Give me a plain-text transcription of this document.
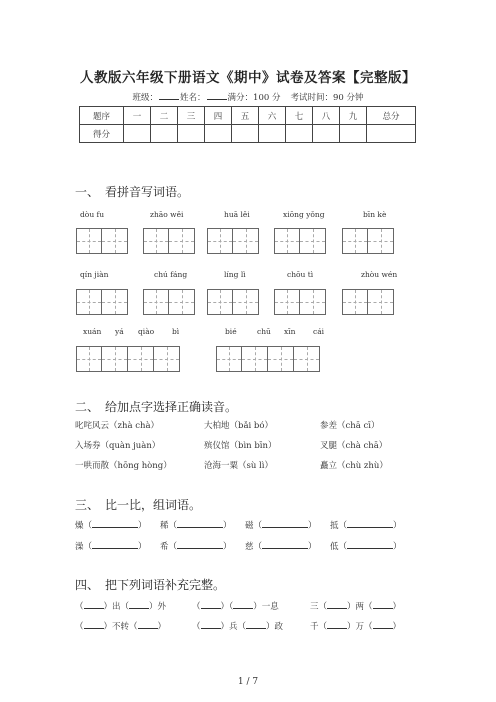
人教版六年级下册语文《期中》试卷及答案【完整版】
班级：	姓名：	满分：100 分 考试时间：90 分钟
题序	一	二	三	四	五	六	七	八	九	总分
得分										
一、 看拼音写词语。
dòu fu	zhāo wěi	huā lěi	xiōng yǒng	bīn kè
qín jiàn	chú fáng	líng lì	chōu tì	zhòu wén
xuán yá qiào bì	bié	chū xīn cái
二、 给加点字选择正确读音。
叱咤风云（zhà chà）	大柏地（bǎi bó）	参差（chā cī）
入场券（quàn juàn）	殡仪馆（bìn bīn）	叉腿（chà chā）
一哄而散（hōng hòng）	沧海一粟（sù lì）	矗立（chù zhù）
三、 比一比，组词语。
燥（	） 稀（	） 磁（	） 抵（	）
澡（	） 希（	） 慈（	） 低（	）
四、 把下列词语补充完整。
（ ）出（ ）外	（ ）（ ）一息	三（ ）两（ ）
（ ）不转（ ）	（ ）兵（ ）政	千（ ）万（ ）
1 / 7
